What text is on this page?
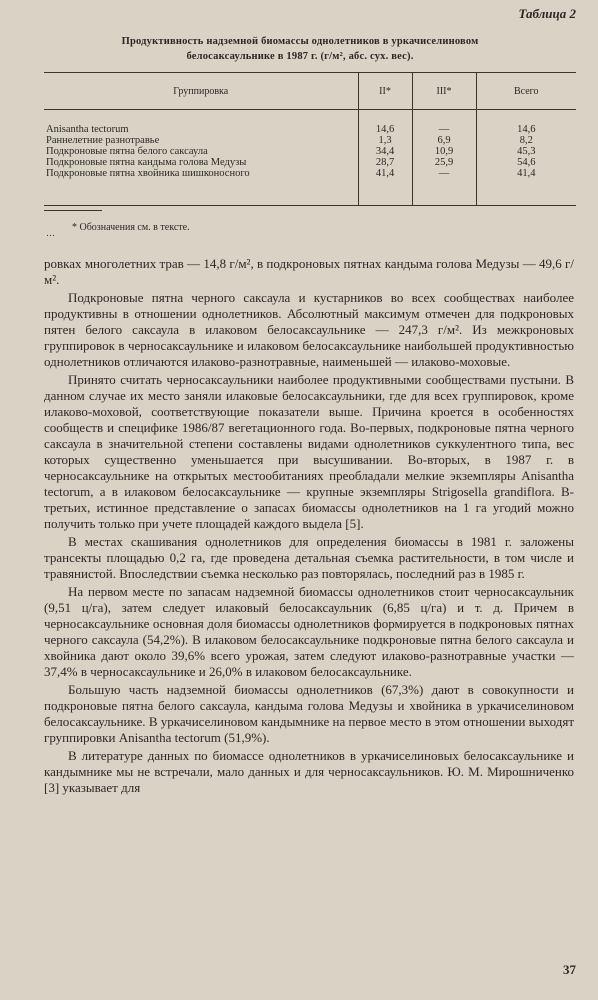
Таблица 2
Продуктивность надземной биомассы однолетников в уркачиселиновом
белосаксаульнике в 1987 г. (г/м², абс. сух. вес).
Группировка	II*	III*	Всего
Anisantha tectorum	14,6	—	14,6
Раннелетние разнотравье	1,3	6,9	8,2
Подкроновые пятна белого саксаула	34,4	10,9	45,3
Подкроновые пятна кандыма голова Медузы	28,7	25,9	54,6
Подкроновые пятна хвойника шишконосного	41,4	—	41,4
* Обозначения см. в тексте.
…

ровках многолетних трав — 14,8 г/м², в подкроновых пятнах кандыма голова Медузы — 49,6 г/м².

Подкроновые пятна черного саксаула и кустарников во всех сообществах наиболее продуктивны в отношении однолетников. Абсолютный максимум отмечен для подкроновых пятен белого саксаула в илаковом белосаксаульнике — 247,3 г/м². Из межкроновых группировок в черносаксаульнике и илаковом белосаксаульнике наибольшей продуктивностью однолетников отличаются илаково-разнотравные, наименьшей — илаково-моховые.

Принято считать черносаксаульники наиболее продуктивными сообществами пустыни. В данном случае их место заняли илаковые белосаксаульники, где для всех группировок, кроме илаково-моховой, соответствующие показатели выше. Причина кроется в особенностях сообществ и специфике 1986/87 вегетационного года. Во-первых, подкроновые пятна черного саксаула в значительной степени составлены видами однолетников суккулентного типа, вес которых существенно уменьшается при высушивании. Во-вторых, в 1987 г. в черносаксаульнике на открытых местообитаниях преобладали мелкие экземпляры Anisantha tectorum, а в илаковом белосаксаульнике — крупные экземпляры Strigosella grandiflora. В-третьих, истинное представление о запасах биомассы однолетников на 1 га угодий можно получить только при учете площадей каждого выдела [5].

В местах скашивания однолетников для определения биомассы в 1981 г. заложены трансекты площадью 0,2 га, где проведена детальная съемка растительности, в том числе и травянистой. Впоследствии съемка несколько раз повторялась, последний раз в 1985 г.

На первом месте по запасам надземной биомассы однолетников стоит черносаксаульник (9,51 ц/га), затем следует илаковый белосаксаульник (6,85 ц/га) и т. д. Причем в черносаксаульнике основная доля биомассы однолетников формируется в подкроновых пятнах черного саксаула (54,2%). В илаковом белосаксаульнике подкроновые пятна белого саксаула и хвойника дают около 39,6% всего урожая, затем следуют илаково-разнотравные участки — 37,4% в черносаксаульнике и 26,0% в илаковом белосаксаульнике.

Большую часть надземной биомассы однолетников (67,3%) дают в совокупности и подкроновые пятна белого саксаула, кандыма голова Медузы и хвойника в уркачиселиновом белосаксаульнике. В уркачиселиновом кандымнике на первое место в этом отношении выходят группировки Anisantha tectorum (51,9%).

В литературе данных по биомассе однолетников в уркачиселиновых белосаксаульнике и кандымнике мы не встречали, мало данных и для черносаксаульников. Ю. М. Мирошниченко [3] указывает для

37
